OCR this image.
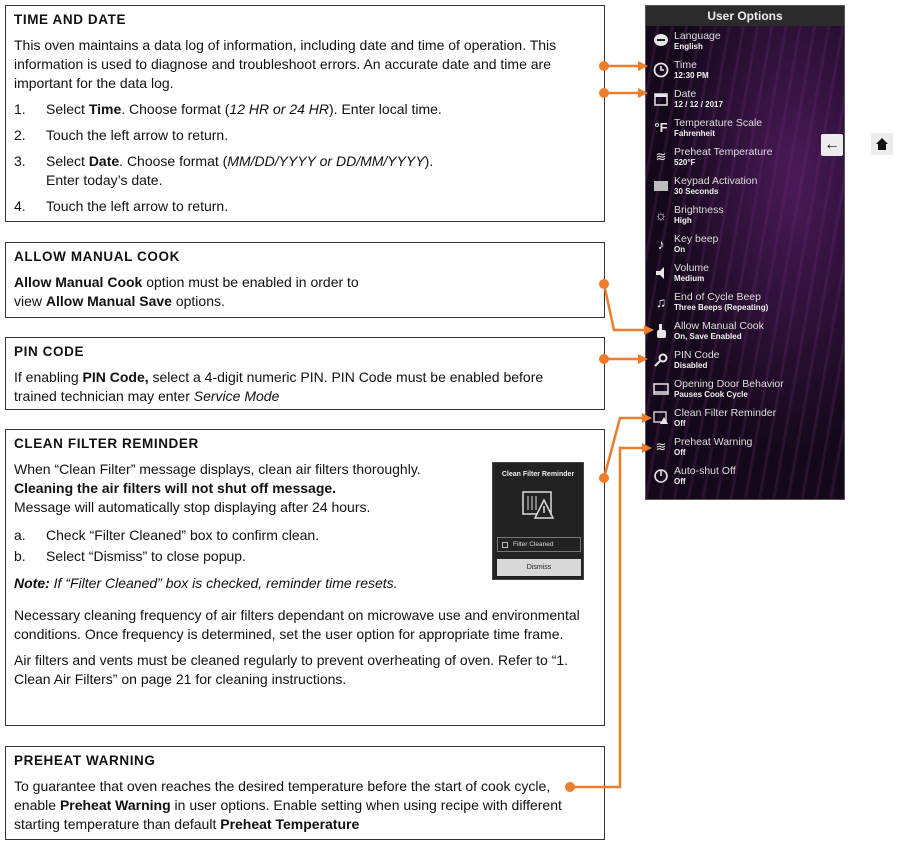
TIME AND DATE

This oven maintains a data log of information, including date and time of operation. This information is used to diagnose and troubleshoot errors. An accurate date and time are important for the data log.

1.	Select Time. Choose format (12 HR or 24 HR). Enter local time.
2.	Touch the left arrow to return.
3.	Select Date. Choose format (MM/DD/YYYY or DD/MM/YYYY).
Enter today’s date.
4.	Touch the left arrow to return.
ALLOW MANUAL COOK

Allow Manual Cook option must be enabled in order to
view Allow Manual Save options.

PIN CODE

If enabling PIN Code, select a 4-digit numeric PIN. PIN Code must be enabled before trained technician may enter Service Mode

CLEAN FILTER REMINDER

When “Clean Filter” message displays, clean air filters thoroughly.
Cleaning the air filters will not shut off message.
Message will automatically stop displaying after 24 hours.

a.	Check “Filter Cleaned” box to confirm clean.
b.	Select “Dismiss” to close popup.

Note: If “Filter Cleaned” box is checked, reminder time resets.

Necessary cleaning frequency of air filters dependant on microwave use and environmental conditions. Once frequency is determined, set the user option for appropriate time frame.

Air filters and vents must be cleaned regularly to prevent overheating of oven. Refer to “1. Clean Air Filters” on page 21 for cleaning instructions.

Clean Filter Reminder
Filter Cleaned
Dismiss
PREHEAT WARNING

To guarantee that oven reaches the desired temperature before the start of cook cycle, enable Preheat Warning in user options. Enable setting when using recipe with different starting temperature than default Preheat Temperature

User Options
Language
English
Time
12:30 PM
Date
12 / 12 / 2017
°F Temperature Scale
Fahrenheit
≋ Preheat Temperature
520°F
Keypad Activation
30 Seconds
☼ Brightness
High
♪ Key beep
On
Volume
Medium
♫ End of Cycle Beep
Three Beeps (Repeating)
Allow Manual Cook
On, Save Enabled
PIN Code
Disabled
Opening Door Behavior
Pauses Cook Cycle
Clean Filter Reminder
Off
≋ Preheat Warning
Off
Auto-shut Off
Off
←
